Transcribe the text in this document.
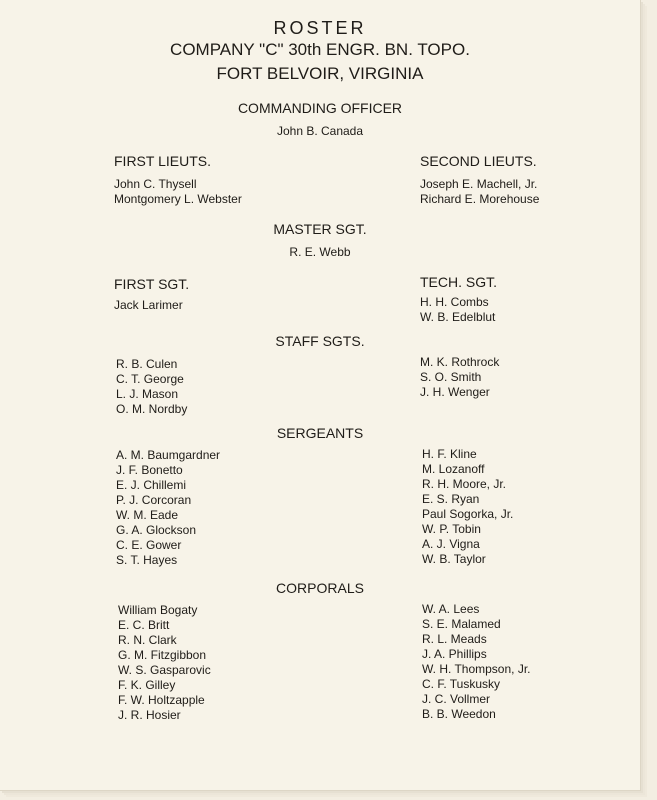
ROSTER
COMPANY "C" 30th ENGR. BN. TOPO.
FORT BELVOIR, VIRGINIA
COMMANDING OFFICER
John B. Canada
FIRST LIEUTS.
John C. Thysell
Montgomery L. Webster
SECOND LIEUTS.
Joseph E. Machell, Jr.
Richard E. Morehouse
MASTER SGT.
R. E. Webb
FIRST SGT.
Jack Larimer
TECH. SGT.
H. H. Combs
W. B. Edelblut
STAFF SGTS.
R. B. Culen
C. T. George
L. J. Mason
O. M. Nordby
M. K. Rothrock
S. O. Smith
J. H. Wenger
SERGEANTS
A. M. Baumgardner
J. F. Bonetto
E. J. Chillemi
P. J. Corcoran
W. M. Eade
G. A. Glockson
C. E. Gower
S. T. Hayes
H. F. Kline
M. Lozanoff
R. H. Moore, Jr.
E. S. Ryan
Paul Sogorka, Jr.
W. P. Tobin
A. J. Vigna
W. B. Taylor
CORPORALS
William Bogaty
E. C. Britt
R. N. Clark
G. M. Fitzgibbon
W. S. Gasparovic
F. K. Gilley
F. W. Holtzapple
J. R. Hosier
W. A. Lees
S. E. Malamed
R. L. Meads
J. A. Phillips
W. H. Thompson, Jr.
C. F. Tuskusky
J. C. Vollmer
B. B. Weedon
